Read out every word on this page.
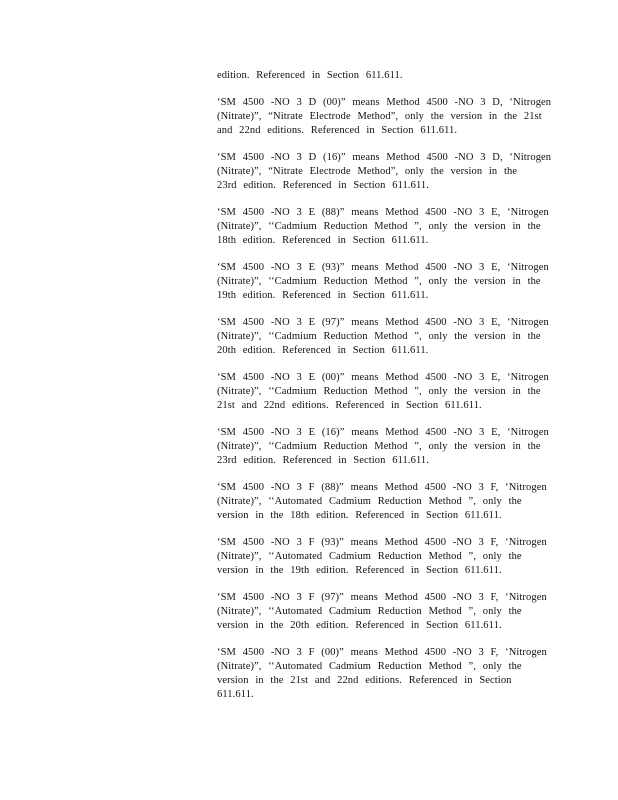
edition. Referenced in Section 611.611.

‘SM 4500 -NO 3 D (00)” means Method 4500 -NO 3 D, ‘Nitrogen
(Nitrate)”, “Nitrate Electrode Method”, only the version in the 21st
and 22nd editions. Referenced in Section 611.611.

‘SM 4500 -NO 3 D (16)” means Method 4500 -NO 3 D, ‘Nitrogen
(Nitrate)”, “Nitrate Electrode Method”, only the version in the
23rd edition. Referenced in Section 611.611.

‘SM 4500 -NO 3 E (88)” means Method 4500 -NO 3 E, ‘Nitrogen
(Nitrate)”, ‘‘Cadmium Reduction Method ”, only the version in the
18th edition. Referenced in Section 611.611.

‘SM 4500 -NO 3 E (93)” means Method 4500 -NO 3 E, ‘Nitrogen
(Nitrate)”, ‘‘Cadmium Reduction Method ”, only the version in the
19th edition. Referenced in Section 611.611.

‘SM 4500 -NO 3 E (97)” means Method 4500 -NO 3 E, ‘Nitrogen
(Nitrate)”, ‘‘Cadmium Reduction Method ”, only the version in the
20th edition. Referenced in Section 611.611.

‘SM 4500 -NO 3 E (00)” means Method 4500 -NO 3 E, ‘Nitrogen
(Nitrate)”, ‘‘Cadmium Reduction Method ”, only the version in the
21st and 22nd editions. Referenced in Section 611.611.

‘SM 4500 -NO 3 E (16)” means Method 4500 -NO 3 E, ‘Nitrogen
(Nitrate)”, ‘‘Cadmium Reduction Method ”, only the version in the
23rd edition. Referenced in Section 611.611.

‘SM 4500 -NO 3 F (88)” means Method 4500 -NO 3 F, ‘Nitrogen
(Nitrate)”, ‘‘Automated Cadmium Reduction Method ”, only the
version in the 18th edition. Referenced in Section 611.611.

‘SM 4500 -NO 3 F (93)” means Method 4500 -NO 3 F, ‘Nitrogen
(Nitrate)”, ‘‘Automated Cadmium Reduction Method ”, only the
version in the 19th edition. Referenced in Section 611.611.

‘SM 4500 -NO 3 F (97)” means Method 4500 -NO 3 F, ‘Nitrogen
(Nitrate)”, ‘‘Automated Cadmium Reduction Method ”, only the
version in the 20th edition. Referenced in Section 611.611.

‘SM 4500 -NO 3 F (00)” means Method 4500 -NO 3 F, ‘Nitrogen
(Nitrate)”, ‘‘Automated Cadmium Reduction Method ”, only the
version in the 21st and 22nd editions. Referenced in Section
611.611.
